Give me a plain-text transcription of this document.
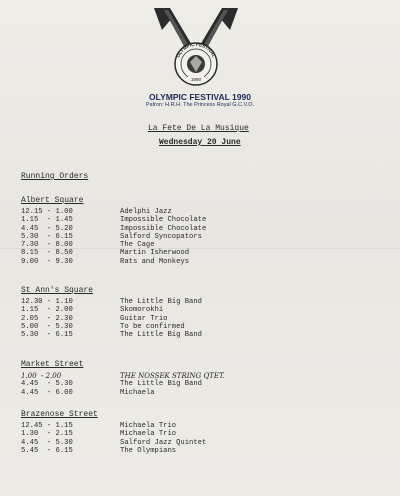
OLYMPIC FESTIVAL
1990
OLYMPIC FESTIVAL 1990
Patron: H.R.H. The Princess Royal G.C.V.O.
La Fete De La Musique
Wednesday 20 June
Running Orders
Albert Square
12.15 - 1.00	Adelphi Jazz
1.15  - 1.45	Impossible Chocolate
4.45  - 5.20	Impossible Chocolate
5.30  - 6.15	Salford Syncopators
7.30  - 8.00	The Cage
8.15  - 8.50	Martin Isherwood
9.00  - 9.30	Rats and Monkeys
St Ann's Square
12.30 - 1.10	The Little Big Band
1.15  - 2.00	Skomorokhi
2.05  - 2.30	Guitar Trio
5.00  - 5.30	To be confirmed
5.30  - 6.15	The Little Big Band
Market Street
1.00  - 2.00	THE NOSSEK STRING QTET.
4.45  - 5.30	The Little Big Band
4.45  - 6.00	Michaela
Brazenose Street
12.45 - 1.15	Michaela Trio
1.30  - 2.15	Michaela Trio
4.45  - 5.30	Salford Jazz Quintet
5.45  - 6.15	The Olympians
